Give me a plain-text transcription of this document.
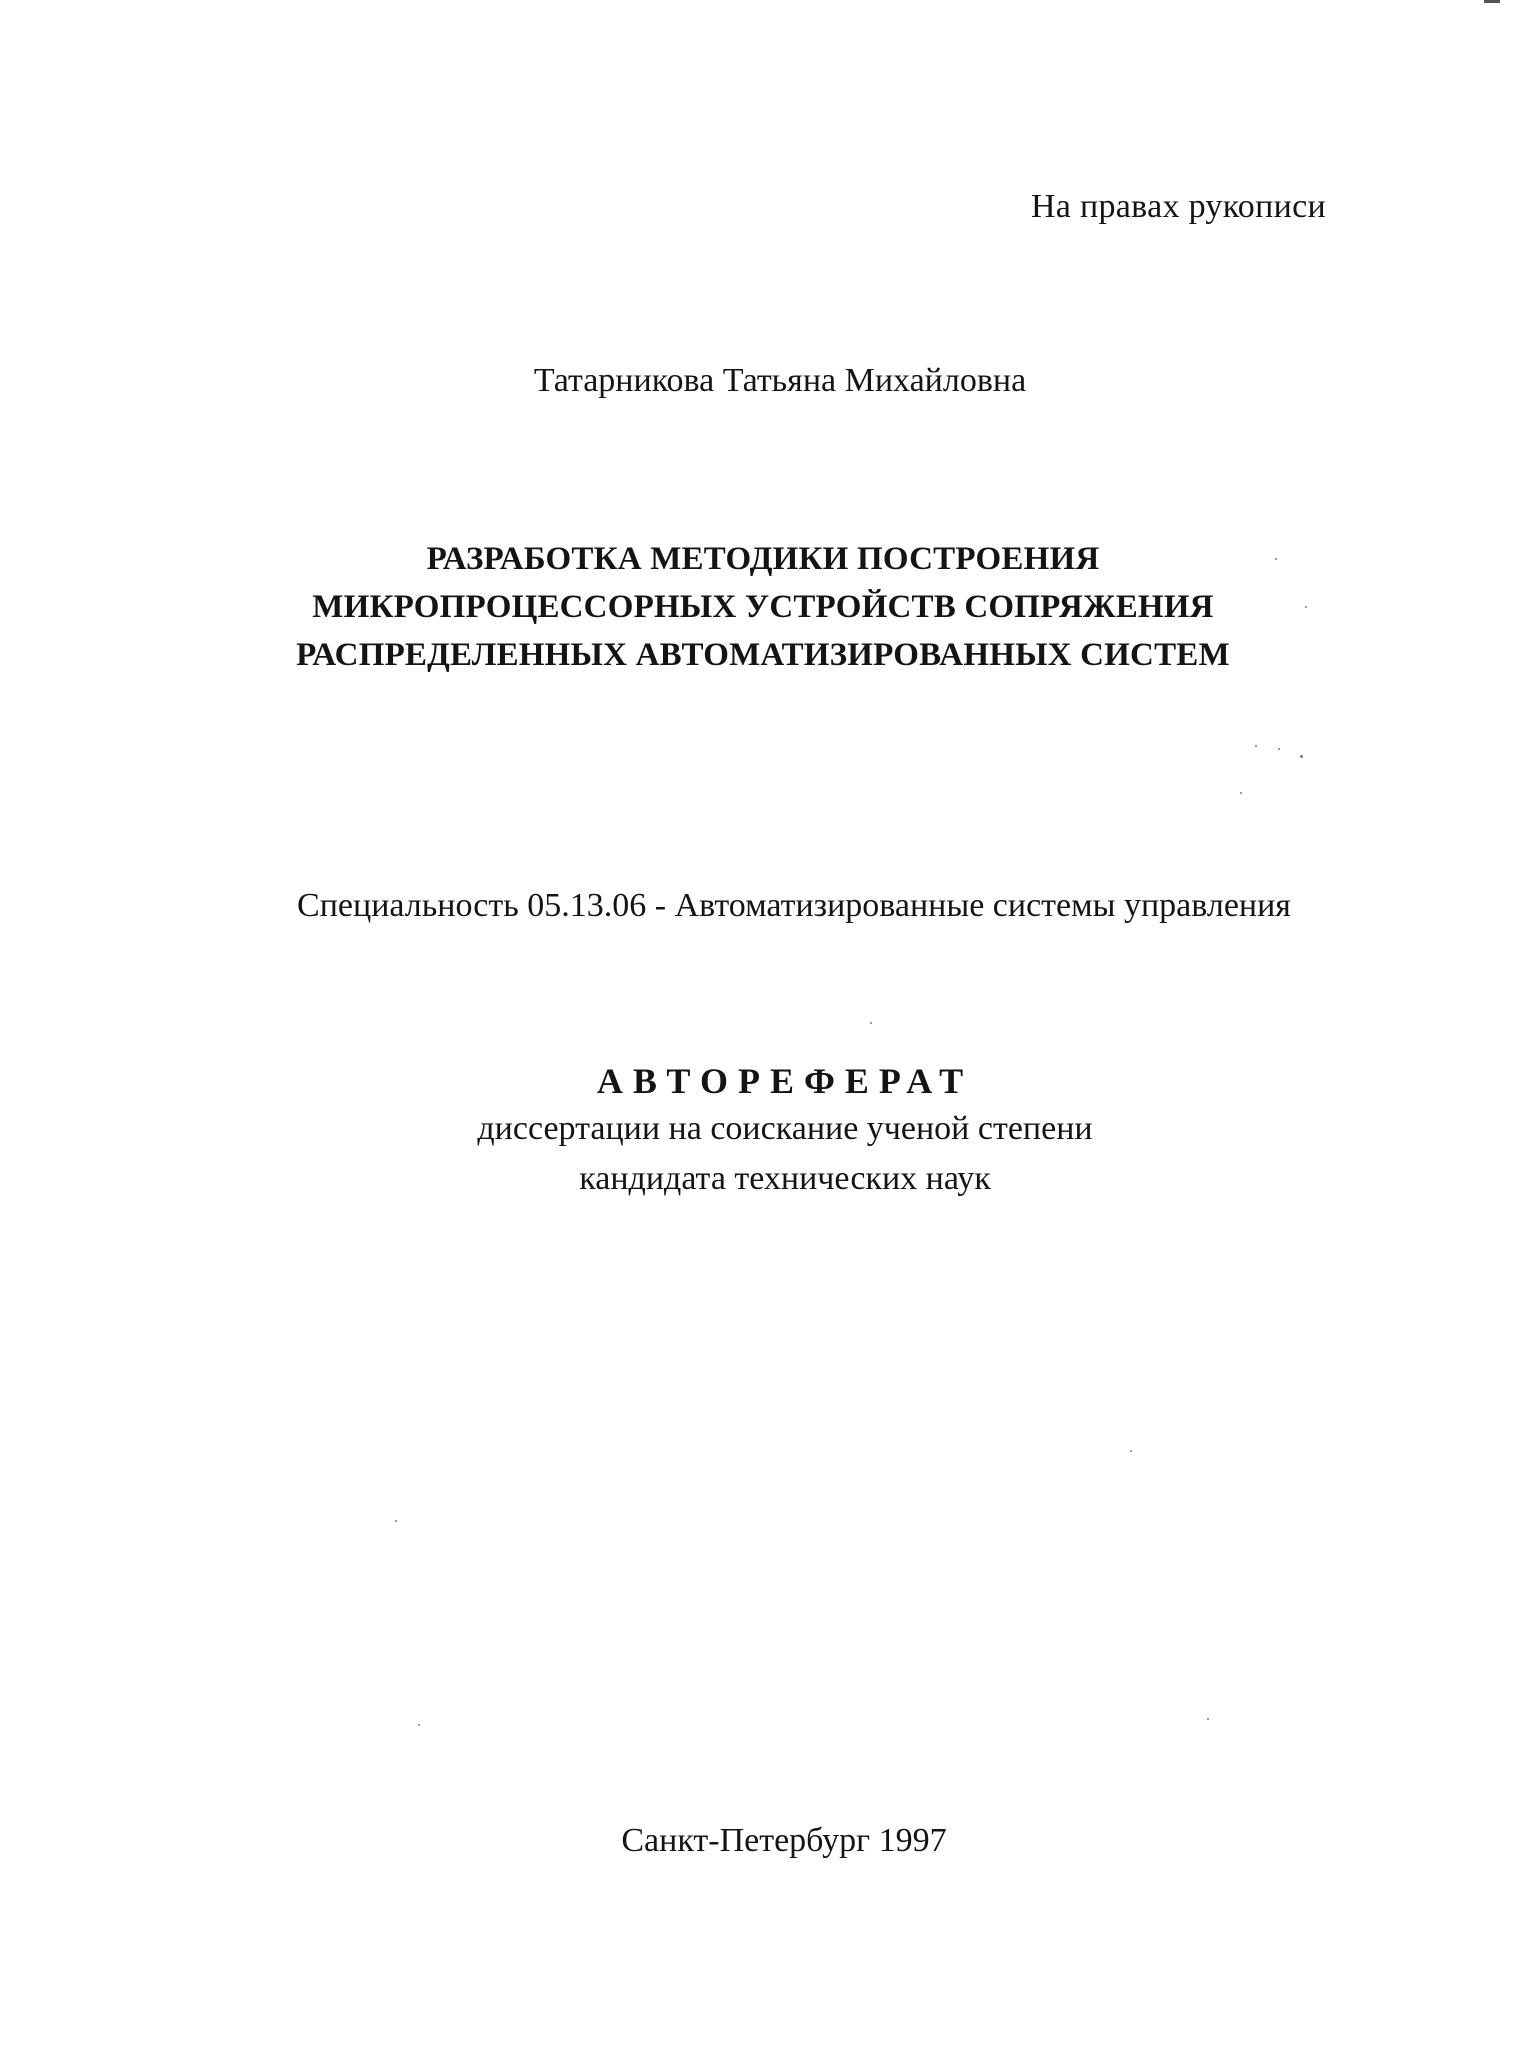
На правах рукописи
Татарникова Татьяна Михайловна
РАЗРАБОТКА МЕТОДИКИ ПОСТРОЕНИЯ
МИКРОПРОЦЕССОРНЫХ УСТРОЙСТВ СОПРЯЖЕНИЯ
РАСПРЕДЕЛЕННЫХ АВТОМАТИЗИРОВАННЫХ СИСТЕМ
Специальность 05.13.06 - Автоматизированные системы управления
АВТОРЕФЕРАТ
диссертации на соискание ученой степени
кандидата технических наук
Санкт-Петербург 1997
